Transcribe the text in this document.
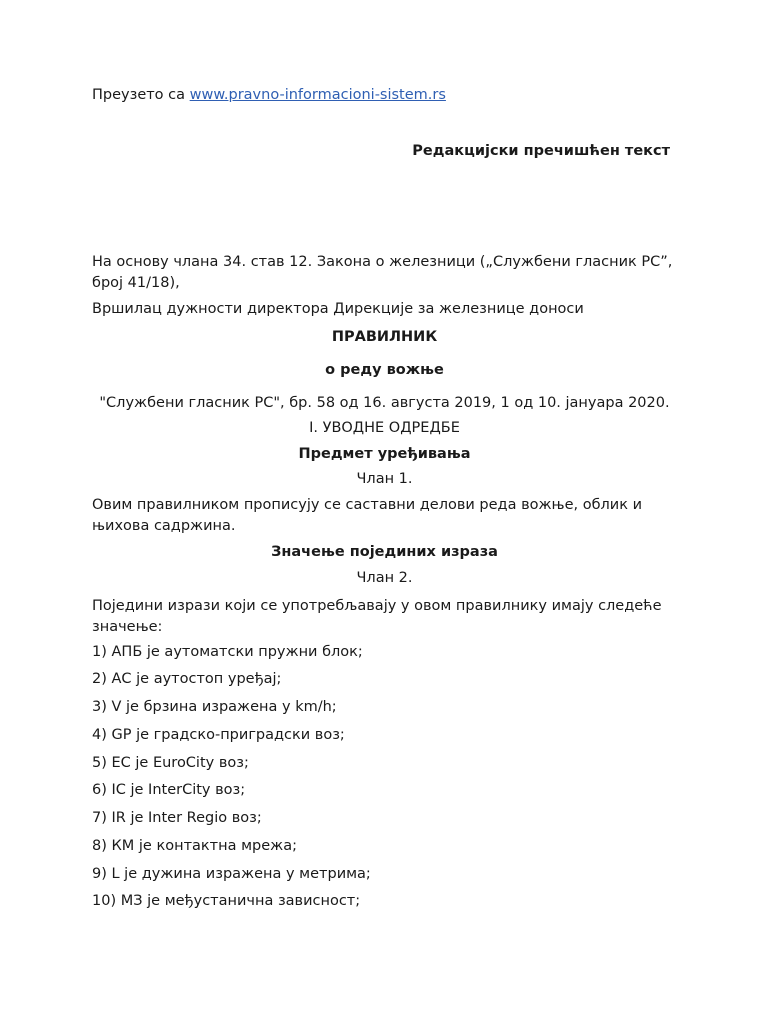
Преузето са www.pravno-informacioni-sistem.rs

Редакцијски пречишћен текст

На основу члана 34. став 12. Закона о железници („Службени гласник РС”, број 41/18),

Вршилац дужности директора Дирекције за железнице доноси

ПРАВИЛНИК

о реду вожње

"Службени гласник РС", бр. 58 од 16. августа 2019, 1 од 10. јануара 2020.

I. УВОДНЕ ОДРЕДБЕ

Предмет уређивања

Члан 1.

Овим правилником прописују се саставни делови реда вожње, облик и њихова садржина.

Значење појединих израза

Члан 2.

Поједини изрази који се употребљавају у овом правилнику имају следеће значење:

1) АПБ је аутоматски пружни блок;

2) АС је аутостоп уређај;

3) V је брзина изражена у km/h;

4) GP је градско-приградски воз;

5) EC је EuroCity воз;

6) IC је InterCity воз;

7) IR је Inter Regio воз;

8) КМ је контактна мрежа;

9) L је дужина изражена у метрима;

10) МЗ је међустанична зависност;
